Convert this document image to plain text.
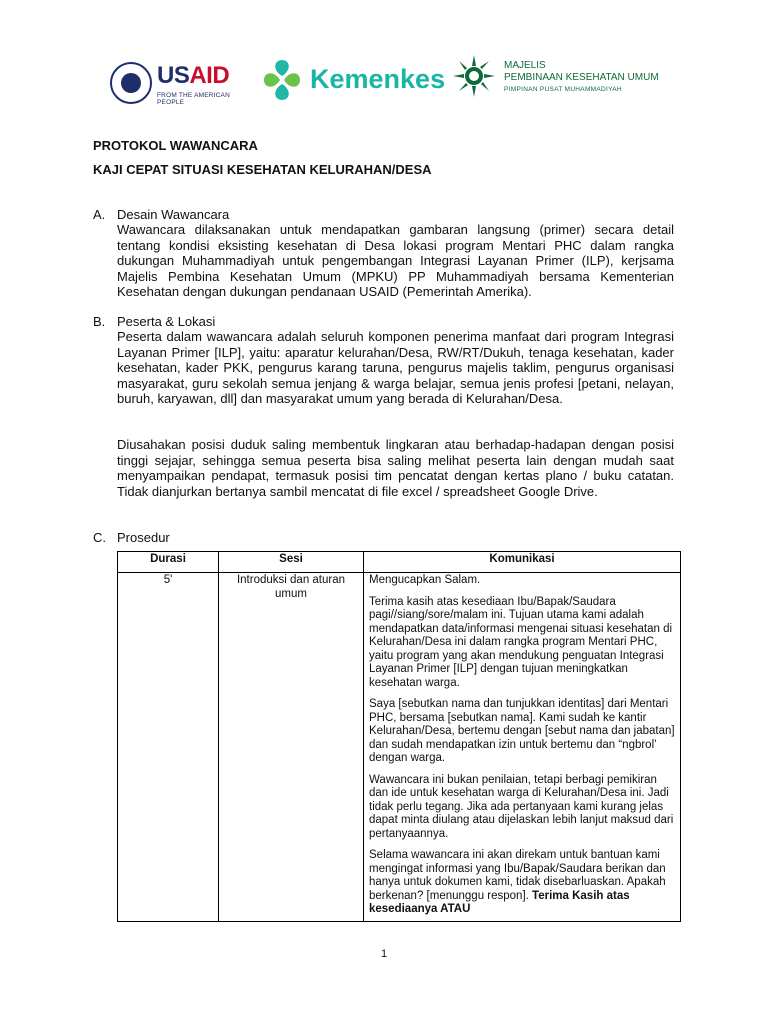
USAID
FROM THE AMERICAN PEOPLE
Kemenkes	MAJELIS
PEMBINAAN KESEHATAN UMUM
PIMPINAN PUSAT MUHAMMADIYAH
PROTOKOL WAWANCARA
KAJI CEPAT SITUASI KESEHATAN KELURAHAN/DESA
A. Desain Wawancara
Wawancara dilaksanakan untuk mendapatkan gambaran langsung (primer) secara detail tentang kondisi eksisting kesehatan di Desa lokasi program Mentari PHC dalam rangka dukungan Muhammadiyah untuk pengembangan Integrasi Layanan Primer (ILP), kerjsama Majelis Pembina Kesehatan Umum (MPKU) PP Muhammadiyah bersama Kementerian Kesehatan dengan dukungan pendanaan USAID (Pemerintah Amerika).
B. Peserta & Lokasi
Peserta dalam wawancara adalah seluruh komponen penerima manfaat dari program Integrasi Layanan Primer [ILP], yaitu: aparatur kelurahan/Desa, RW/RT/Dukuh, tenaga kesehatan, kader kesehatan, kader PKK, pengurus karang taruna, pengurus majelis taklim, pengurus organisasi masyarakat, guru sekolah semua jenjang & warga belajar, semua jenis profesi [petani, nelayan, buruh, karyawan, dll] dan masyarakat umum yang berada di Kelurahan/Desa.
Diusahakan posisi duduk saling membentuk lingkaran atau berhadap-hadapan dengan posisi tinggi sejajar, sehingga semua peserta bisa saling melihat peserta lain dengan mudah saat menyampaikan pendapat, termasuk posisi tim pencatat dengan kertas plano / buku catatan. Tidak dianjurkan bertanya sambil mencatat di file excel / spreadsheet Google Drive.
C. Prosedur
Durasi	Sesi	Komunikasi
5'	Introduksi dan aturan umum	Mengucapkan Salam.

Terima kasih atas kesediaan Ibu/Bapak/Saudara pagi//siang/sore/malam ini. Tujuan utama kami adalah mendapatkan data/informasi mengenai situasi kesehatan di Kelurahan/Desa ini dalam rangka program Mentari PHC, yaitu program yang akan mendukung penguatan Integrasi Layanan Primer [ILP] dengan tujuan meningkatkan kesehatan warga.

Saya [sebutkan nama dan tunjukkan identitas] dari Mentari PHC, bersama [sebutkan nama]. Kami sudah ke kantir Kelurahan/Desa, bertemu dengan [sebut nama dan jabatan] dan sudah mendapatkan izin untuk bertemu dan “ngbrol’ dengan warga.

Wawancara ini bukan penilaian, tetapi berbagi pemikiran dan ide untuk kesehatan warga di Kelurahan/Desa ini. Jadi tidak perlu tegang. Jika ada pertanyaan kami kurang jelas dapat minta diulang atau dijelaskan lebih lanjut maksud dari pertanyaannya.

Selama wawancara ini akan direkam untuk bantuan kami mengingat informasi yang Ibu/Bapak/Saudara berikan dan hanya untuk dokumen kami, tidak disebarluaskan. Apakah berkenan? [menunggu respon]. Terima Kasih atas kesediaanya ATAU

1
